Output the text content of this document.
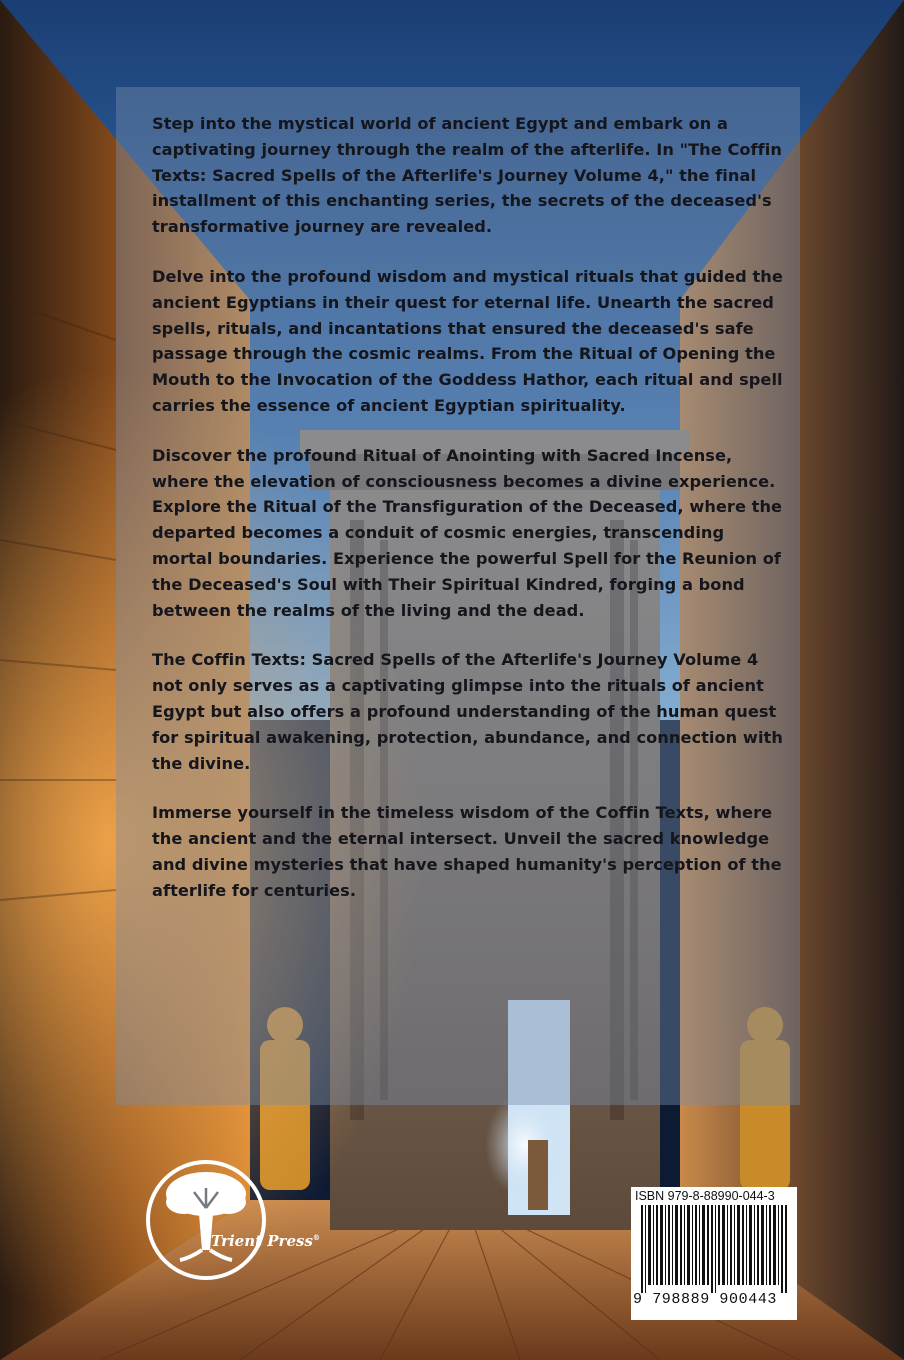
Step into the mystical world of ancient Egypt and embark on a captivating journey through the realm of the afterlife. In "The Coffin Texts: Sacred Spells of the Afterlife's Journey Volume 4," the final installment of this enchanting series, the secrets of the deceased's transformative journey are revealed.

Delve into the profound wisdom and mystical rituals that guided the ancient Egyptians in their quest for eternal life. Unearth the sacred spells, rituals, and incantations that ensured the deceased's safe passage through the cosmic realms. From the Ritual of Opening the Mouth to the Invocation of the Goddess Hathor, each ritual and spell carries the essence of ancient Egyptian spirituality.

Discover the profound Ritual of Anointing with Sacred Incense, where the elevation of consciousness becomes a divine experience. Explore the Ritual of the Transfiguration of the Deceased, where the departed becomes a conduit of cosmic energies, transcending mortal boundaries. Experience the powerful Spell for the Reunion of the Deceased's Soul with Their Spiritual Kindred, forging a bond between the realms of the living and the dead.

The Coffin Texts: Sacred Spells of the Afterlife's Journey Volume 4 not only serves as a captivating glimpse into the rituals of ancient Egypt but also offers a profound understanding of the human quest for spiritual awakening, protection, abundance, and connection with the divine.

Immerse yourself in the timeless wisdom of the Coffin Texts, where the ancient and the eternal intersect. Unveil the sacred knowledge and divine mysteries that have shaped humanity's perception of the afterlife for centuries.

Trient Press®
ISBN 979-8-88990-044-3
9 798889 900443
